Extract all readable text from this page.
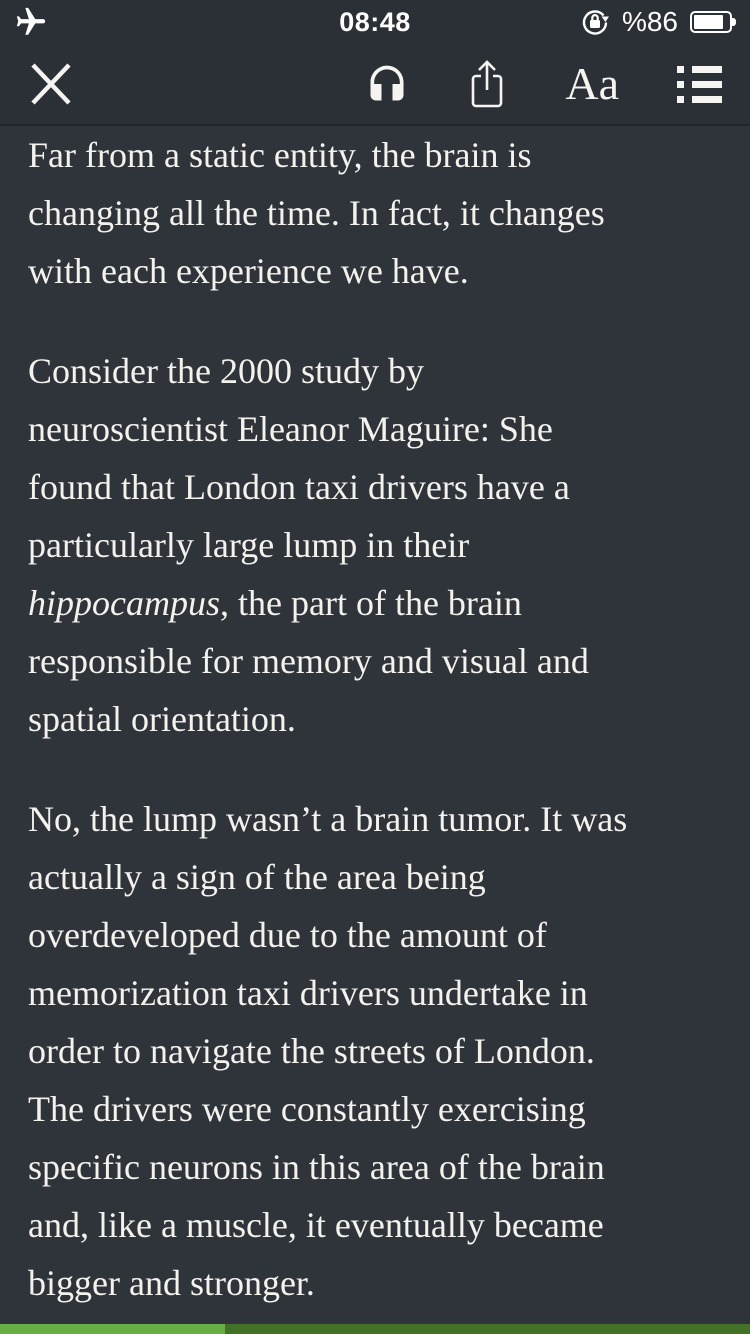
08:48	%86
Aa

Far from a static entity, the brain is
changing all the time. In fact, it changes
with each experience we have.

Consider the 2000 study by
neuroscientist Eleanor Maguire: She
found that London taxi drivers have a
particularly large lump in their
hippocampus, the part of the brain
responsible for memory and visual and
spatial orientation.

No, the lump wasn’t a brain tumor. It was
actually a sign of the area being
overdeveloped due to the amount of
memorization taxi drivers undertake in
order to navigate the streets of London.
The drivers were constantly exercising
specific neurons in this area of the brain
and, like a muscle, it eventually became
bigger and stronger.
